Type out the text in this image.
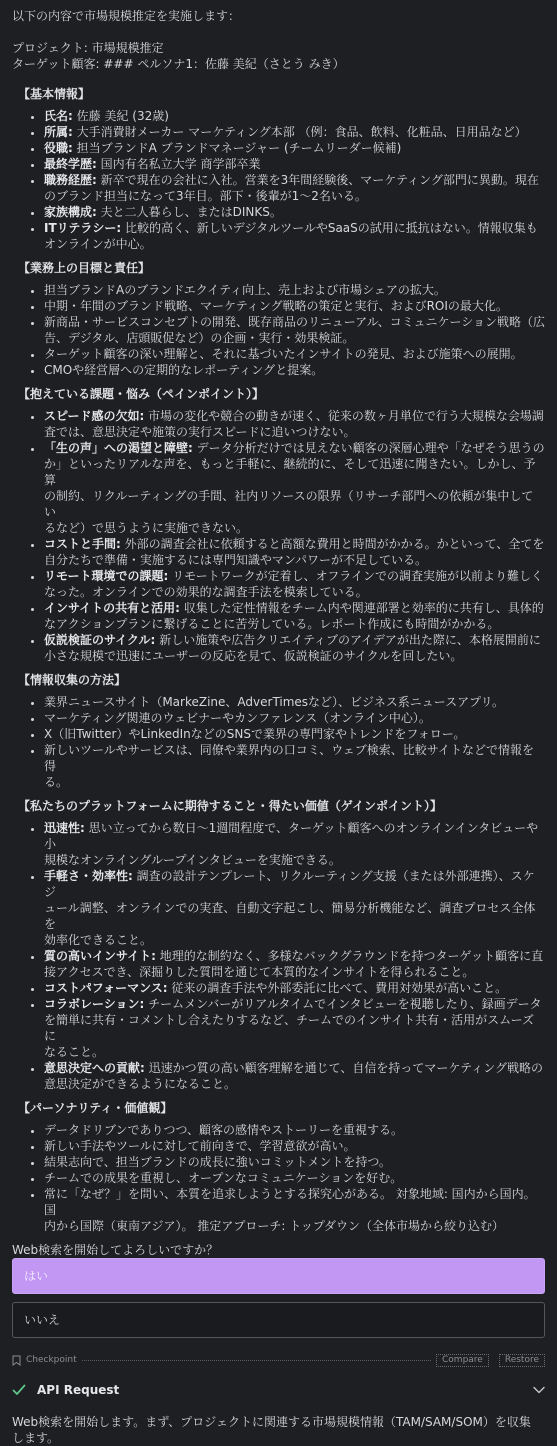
以下の内容で市場規模推定を実施します：

プロジェクト: 市場規模推定

ターゲット顧客: ### ペルソナ1：佐藤 美紀（さとう みき）

【基本情報】
• 氏名: 佐藤 美紀 (32歳)
• 所属: 大手消費財メーカー マーケティング本部 （例：食品、飲料、化粧品、日用品など）
• 役職: 担当ブランドA ブランドマネージャー (チームリーダー候補)
• 最終学歴: 国内有名私立大学 商学部卒業
• 職務経歴: 新卒で現在の会社に入社。営業を3年間経験後、マーケティング部門に異動。現在
のブランド担当になって3年目。部下・後輩が1〜2名いる。
• 家族構成: 夫と二人暮らし、またはDINKS。
• ITリテラシー: 比較的高く、新しいデジタルツールやSaaSの試用に抵抗はない。情報収集も
オンラインが中心。
【業務上の目標と責任】
• 担当ブランドAのブランドエクイティ向上、売上および市場シェアの拡大。
• 中期・年間のブランド戦略、マーケティング戦略の策定と実行、およびROIの最大化。
• 新商品・サービスコンセプトの開発、既存商品のリニューアル、コミュニケーション戦略（広
告、デジタル、店頭販促など）の企画・実行・効果検証。
• ターゲット顧客の深い理解と、それに基づいたインサイトの発見、および施策への展開。
• CMOや経営層への定期的なレポーティングと提案。
【抱えている課題・悩み（ペインポイント）】
• スピード感の欠如: 市場の変化や競合の動きが速く、従来の数ヶ月単位で行う大規模な会場調
査では、意思決定や施策の実行スピードに追いつけない。
• 「生の声」への渇望と障壁: データ分析だけでは見えない顧客の深層心理や「なぜそう思うの
か」といったリアルな声を、もっと手軽に、継続的に、そして迅速に聞きたい。しかし、予算
の制約、リクルーティングの手間、社内リソースの限界（リサーチ部門への依頼が集中してい
るなど）で思うように実施できない。
• コストと手間: 外部の調査会社に依頼すると高額な費用と時間がかかる。かといって、全てを
自分たちで準備・実施するには専門知識やマンパワーが不足している。
• リモート環境での課題: リモートワークが定着し、オフラインでの調査実施が以前より難しく
なった。オンラインでの効果的な調査手法を模索している。
• インサイトの共有と活用: 収集した定性情報をチーム内や関連部署と効率的に共有し、具体的
なアクションプランに繋げることに苦労している。レポート作成にも時間がかかる。
• 仮説検証のサイクル: 新しい施策や広告クリエイティブのアイデアが出た際に、本格展開前に
小さな規模で迅速にユーザーの反応を見て、仮説検証のサイクルを回したい。
【情報収集の方法】
• 業界ニュースサイト（MarkeZine、AdverTimesなど）、ビジネス系ニュースアプリ。
• マーケティング関連のウェビナーやカンファレンス（オンライン中心）。
• X（旧Twitter）やLinkedInなどのSNSで業界の専門家やトレンドをフォロー。
• 新しいツールやサービスは、同僚や業界内の口コミ、ウェブ検索、比較サイトなどで情報を得
る。
【私たちのプラットフォームに期待すること・得たい価値（ゲインポイント）】
• 迅速性: 思い立ってから数日〜1週間程度で、ターゲット顧客へのオンラインインタビューや小
規模なオンライングループインタビューを実施できる。
• 手軽さ・効率性: 調査の設計テンプレート、リクルーティング支援（または外部連携）、スケジ
ュール調整、オンラインでの実査、自動文字起こし、簡易分析機能など、調査プロセス全体を
効率化できること。
• 質の高いインサイト: 地理的な制約なく、多様なバックグラウンドを持つターゲット顧客に直
接アクセスでき、深掘りした質問を通じて本質的なインサイトを得られること。
• コストパフォーマンス: 従来の調査手法や外部委託に比べて、費用対効果が高いこと。
• コラボレーション: チームメンバーがリアルタイムでインタビューを視聴したり、録画データ
を簡単に共有・コメントし合えたりするなど、チームでのインサイト共有・活用がスムーズに
なること。
• 意思決定への貢献: 迅速かつ質の高い顧客理解を通じて、自信を持ってマーケティング戦略の
意思決定ができるようになること。
【パーソナリティ・価値観】
• データドリブンでありつつ、顧客の感情やストーリーを重視する。
• 新しい手法やツールに対して前向きで、学習意欲が高い。
• 結果志向で、担当ブランドの成長に強いコミットメントを持つ。
• チームでの成果を重視し、オープンなコミュニケーションを好む。
• 常に「なぜ？」を問い、本質を追求しようとする探究心がある。 対象地域: 国内から国内。国
内から国際（東南アジア）。 推定アプローチ: トップダウン（全体市場から絞り込む）

Web検索を開始してよろしいですか？

はい
いいえ
Checkpoint	Compare	Restore
API Request

Web検索を開始します。まず、プロジェクトに関連する市場規模情報（TAM/SAM/SOM）を収集

します。
